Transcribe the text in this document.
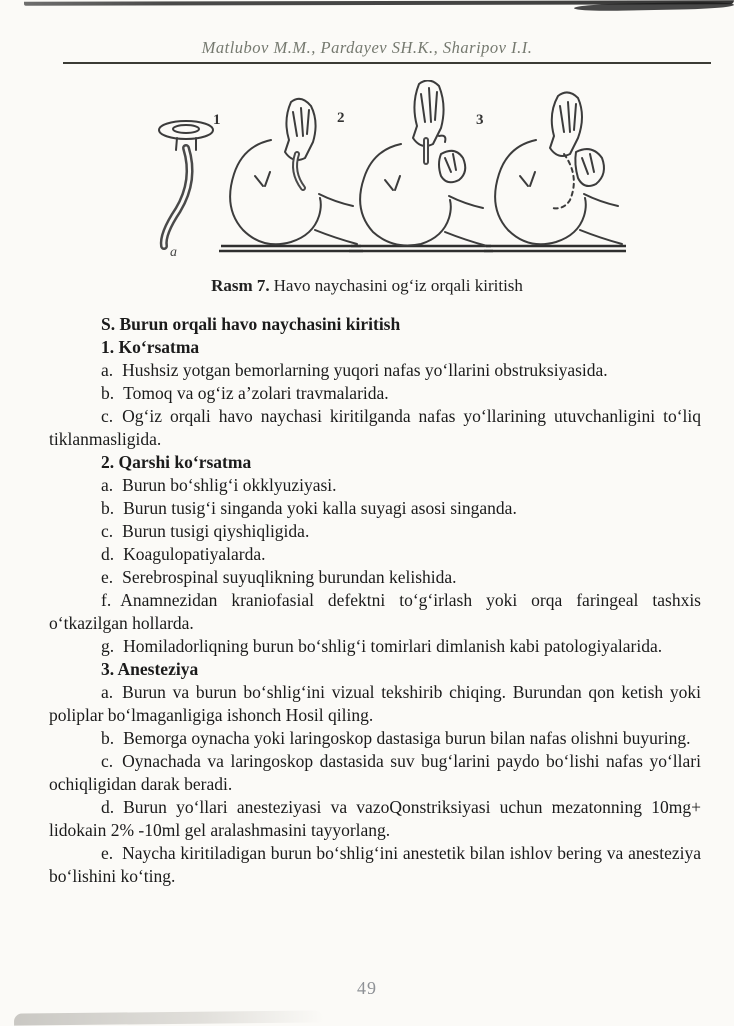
Matlubov M.M., Pardayev SH.K., Sharipov I.I.
a
1	2	3
Rasm 7. Havo naychasini og‘iz orqali kiritish

S. Burun orqali havo naychasini kiritish

1. Ko‘rsatma

a. Hushsiz yotgan bemorlarning yuqori nafas yo‘llarini obstruksiyasida.

b. Tomoq va og‘iz a’zolari travmalarida.

c. Og‘iz orqali havo naychasi kiritilganda nafas yo‘llarining utuvchanligini to‘liq tiklanmasligida.

2. Qarshi ko‘rsatma

a. Burun bo‘shlig‘i okklyuziyasi.

b. Burun tusig‘i singanda yoki kalla suyagi asosi singanda.

c. Burun tusigi qiyshiqligida.

d. Koagulopatiyalarda.

e. Serebrospinal suyuqlikning burundan kelishida.

f. Anamnezidan kraniofasial defektni to‘g‘irlash yoki orqa faringeal tashxis o‘tkazilgan hollarda.

g. Homiladorliqning burun bo‘shlig‘i tomirlari dimlanish kabi patologiyalarida.

3. Anesteziya

a. Burun va burun bo‘shlig‘ini vizual tekshirib chiqing. Burundan qon ketish yoki poliplar bo‘lmaganligiga ishonch Hosil qiling.

b. Bemorga oynacha yoki laringoskop dastasiga burun bilan nafas olishni buyuring.

c. Oynachada va laringoskop dastasida suv bug‘larini paydo bo‘lishi nafas yo‘llari ochiqligidan darak beradi.

d. Burun yo‘llari anesteziyasi va vazoQonstriksiyasi uchun mezatonning 10mg+ lidokain 2% -10ml gel aralashmasini tayyorlang.

e. Naycha kiritiladigan burun bo‘shlig‘ini anestetik bilan ishlov bering va anesteziya bo‘lishini ko‘ting.

49
